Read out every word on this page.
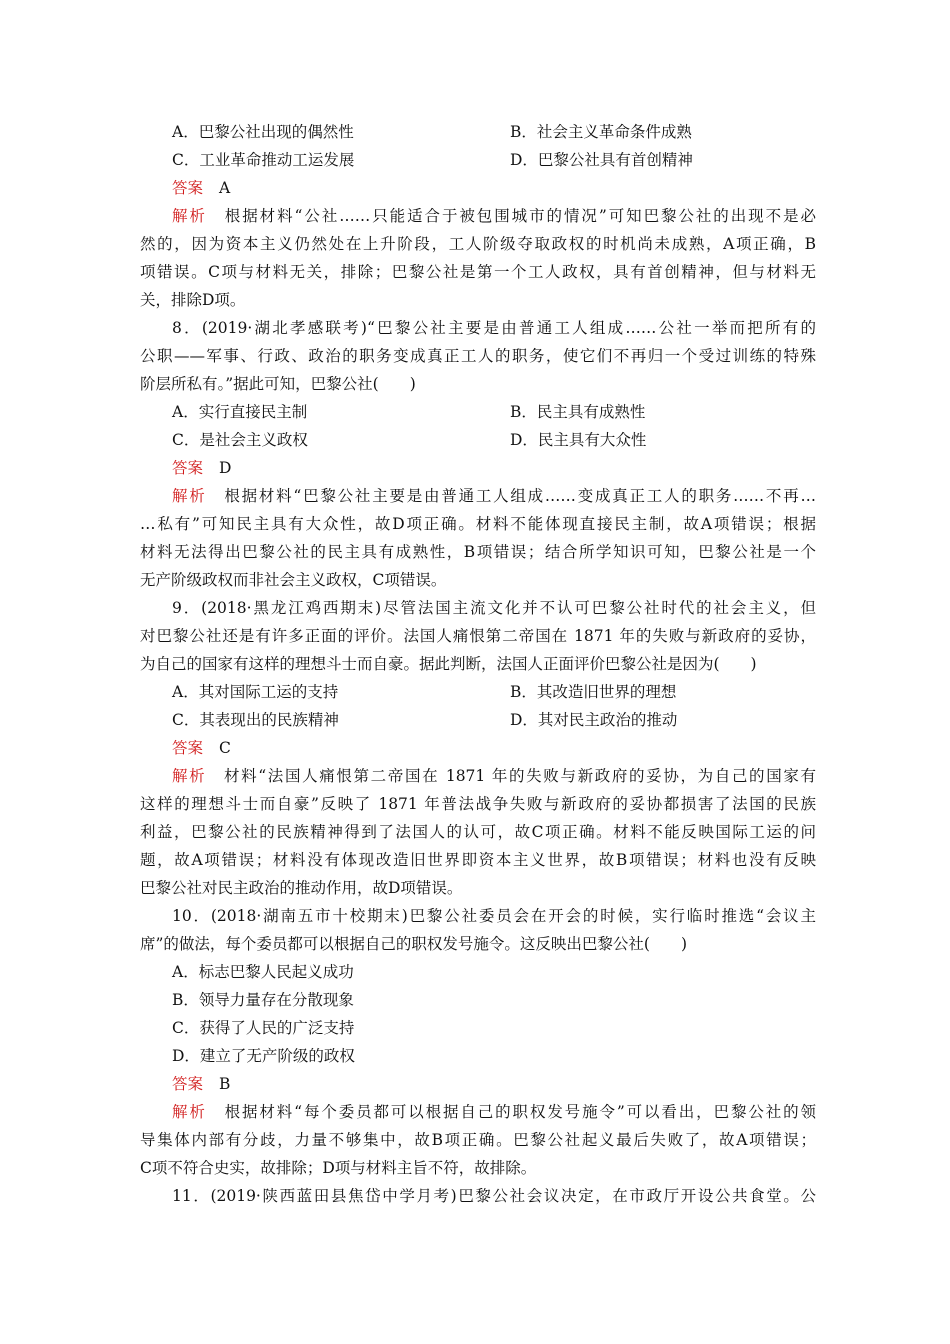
A．巴黎公社出现的偶然性	B．社会主义革命条件成熟
C．工业革命推动工运发展	D．巴黎公社具有首创精神
答案 A
解析 根据材料“公社……只能适合于被包围城市的情况”可知巴黎公社的出现不是必
然的，因为资本主义仍然处在上升阶段，工人阶级夺取政权的时机尚未成熟，A项正确，B
项错误。C项与材料无关，排除；巴黎公社是第一个工人政权，具有首创精神，但与材料无
关，排除D项。
8．(2019·湖北孝感联考)“巴黎公社主要是由普通工人组成……公社一举而把所有的
公职——军事、行政、政治的职务变成真正工人的职务，使它们不再归一个受过训练的特殊
阶层所私有。”据此可知，巴黎公社(　　)
A．实行直接民主制	B．民主具有成熟性
C．是社会主义政权	D．民主具有大众性
答案 D
解析 根据材料“巴黎公社主要是由普通工人组成……变成真正工人的职务……不再…
…私有”可知民主具有大众性，故D项正确。材料不能体现直接民主制，故A项错误；根据
材料无法得出巴黎公社的民主具有成熟性，B项错误；结合所学知识可知，巴黎公社是一个
无产阶级政权而非社会主义政权，C项错误。
9．(2018·黑龙江鸡西期末)尽管法国主流文化并不认可巴黎公社时代的社会主义，但
对巴黎公社还是有许多正面的评价。法国人痛恨第二帝国在 1871 年的失败与新政府的妥协，
为自己的国家有这样的理想斗士而自豪。据此判断，法国人正面评价巴黎公社是因为(　　)
A．其对国际工运的支持	B．其改造旧世界的理想
C．其表现出的民族精神	D．其对民主政治的推动
答案 C
解析 材料“法国人痛恨第二帝国在 1871 年的失败与新政府的妥协，为自己的国家有
这样的理想斗士而自豪”反映了 1871 年普法战争失败与新政府的妥协都损害了法国的民族
利益，巴黎公社的民族精神得到了法国人的认可，故C项正确。材料不能反映国际工运的问
题，故A项错误；材料没有体现改造旧世界即资本主义世界，故B项错误；材料也没有反映
巴黎公社对民主政治的推动作用，故D项错误。
10．(2018·湖南五市十校期末)巴黎公社委员会在开会的时候，实行临时推选“会议主
席”的做法，每个委员都可以根据自己的职权发号施令。这反映出巴黎公社(　　)
A．标志巴黎人民起义成功
B．领导力量存在分散现象
C．获得了人民的广泛支持
D．建立了无产阶级的政权
答案 B
解析 根据材料“每个委员都可以根据自己的职权发号施令”可以看出，巴黎公社的领
导集体内部有分歧，力量不够集中，故B项正确。巴黎公社起义最后失败了，故A项错误；
C项不符合史实，故排除；D项与材料主旨不符，故排除。
11．(2019·陕西蓝田县焦岱中学月考)巴黎公社会议决定，在市政厅开设公共食堂。公
